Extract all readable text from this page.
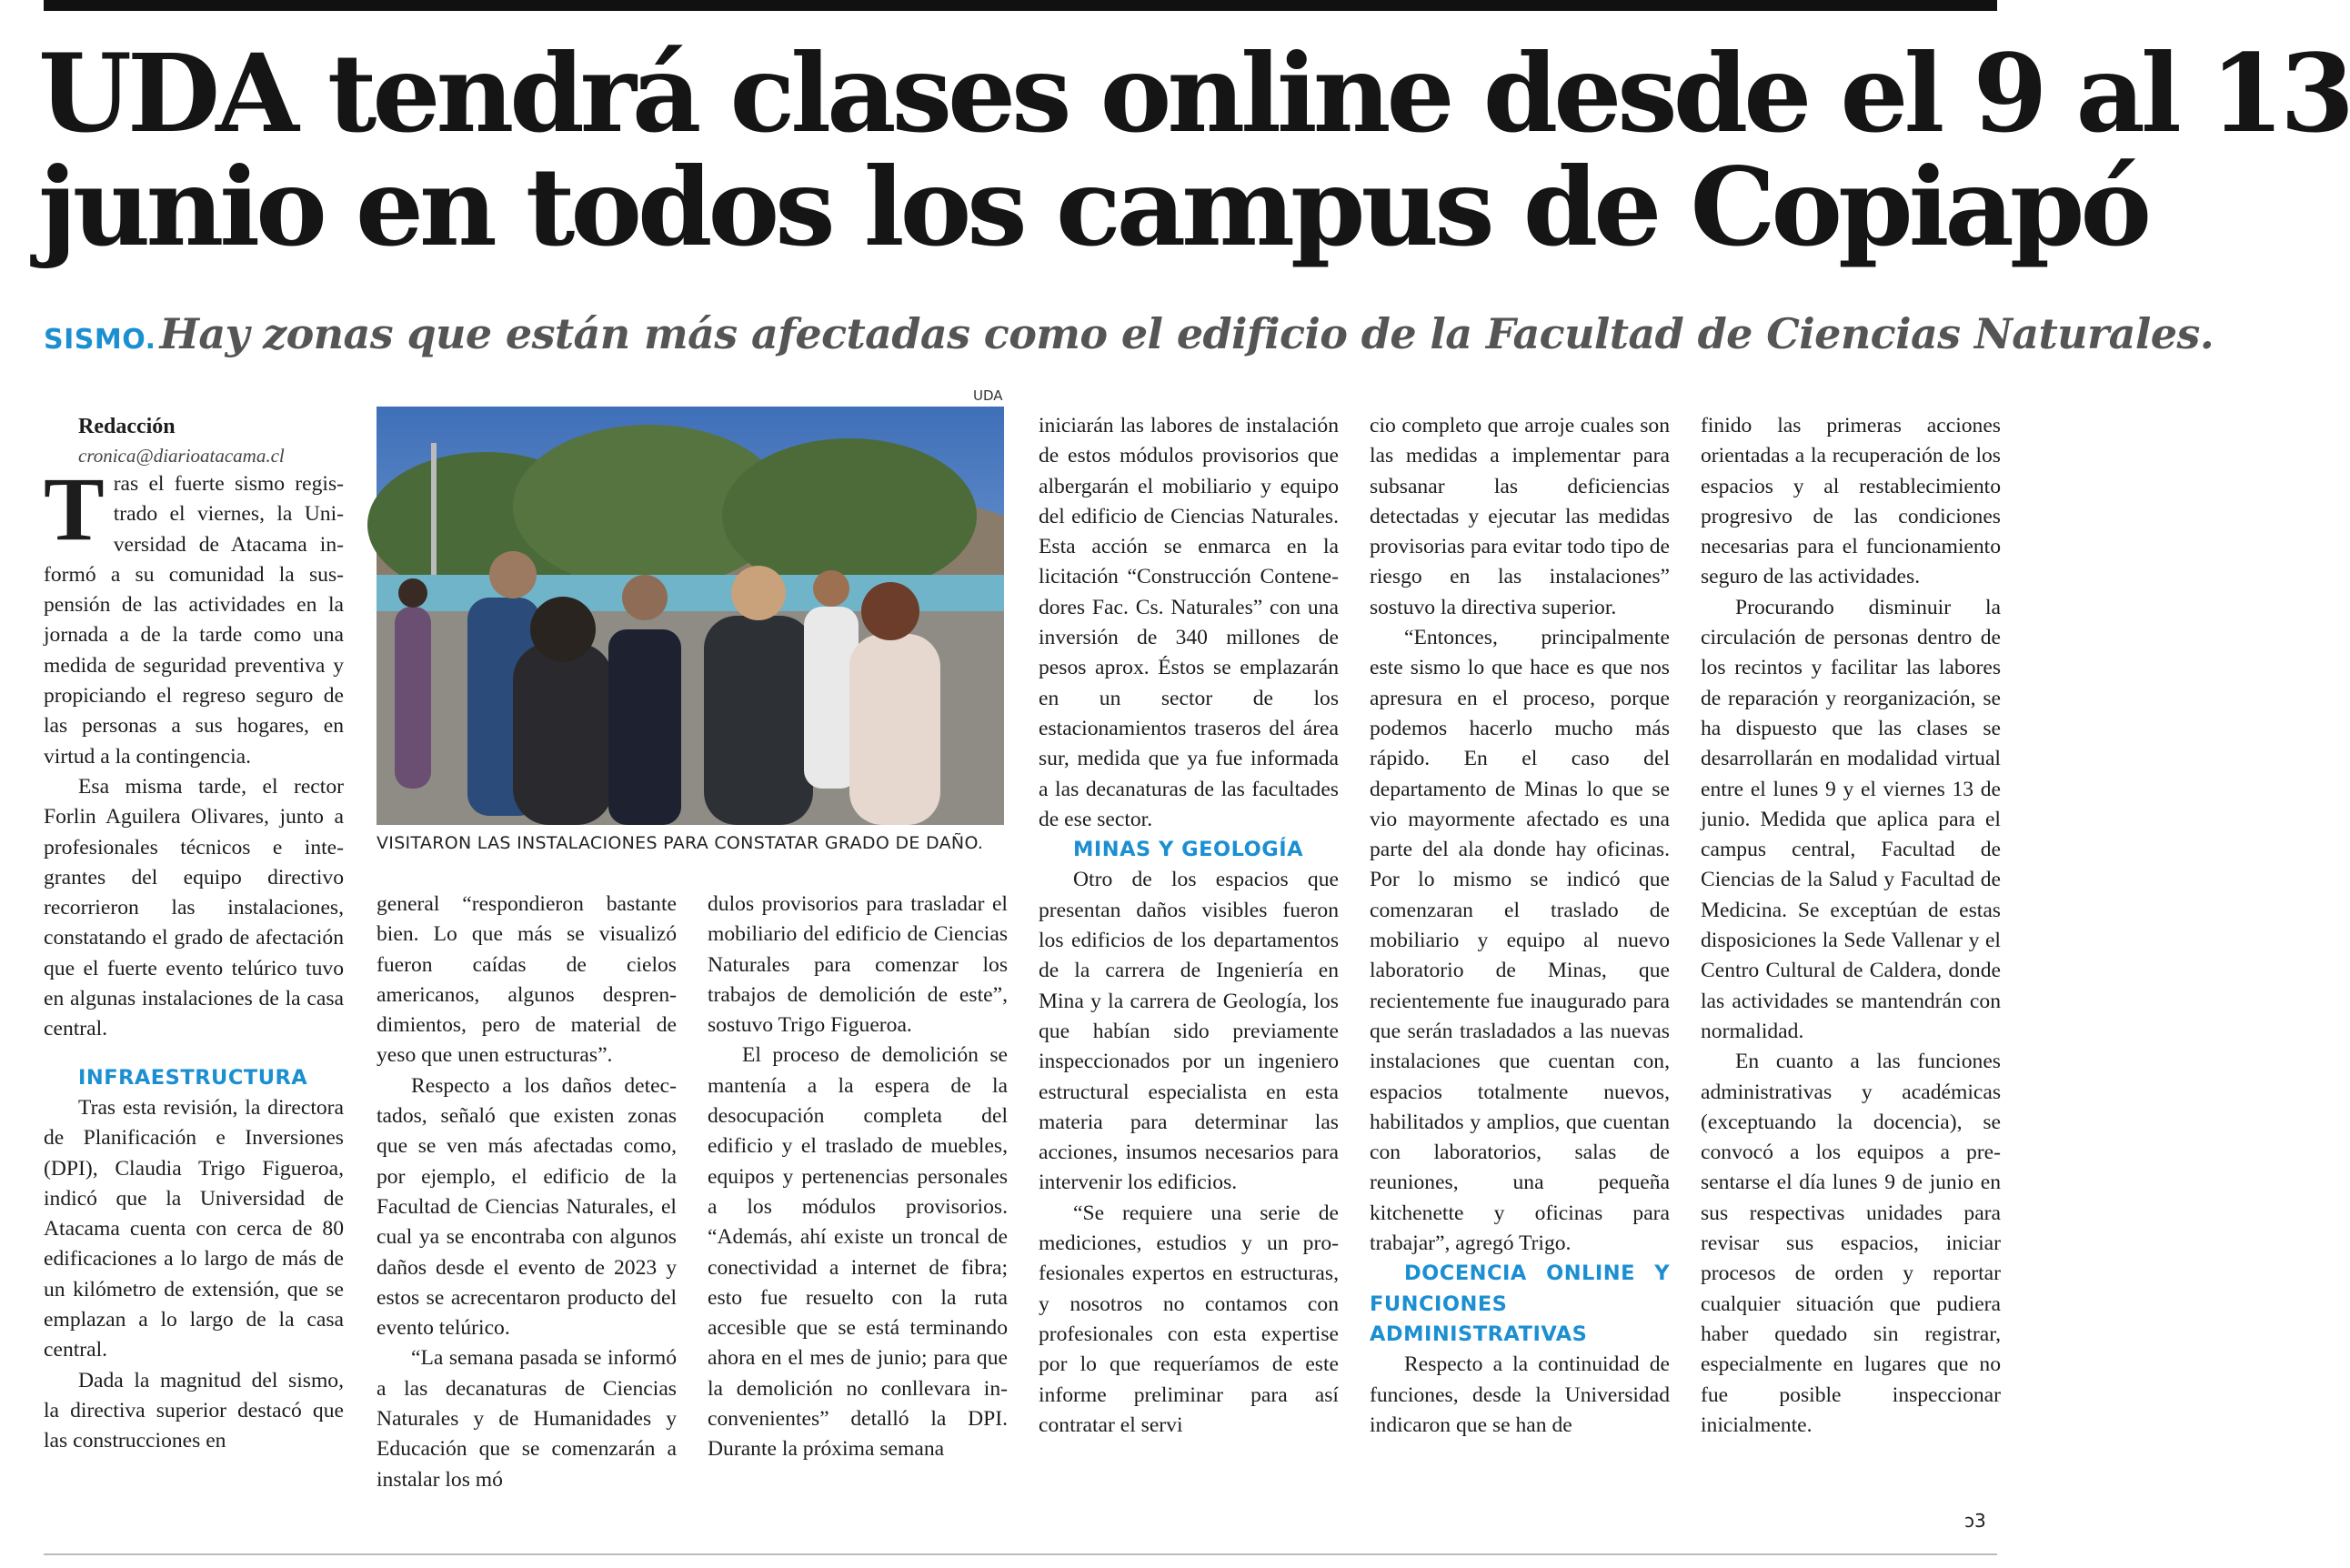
UDA tendrá clases online desde el 9 al 13
junio en todos los campus de Copiapó
SISMO. Hay zonas que están más afectadas como el edificio de la Facultad de Ciencias Naturales.

Redacción

cronica@diarioatacama.cl

Tras el fuerte sismo registrado el viernes, la Universidad de Atacama informó a su comunidad la suspensión de las actividades en la jornada a de la tarde como una medida de seguridad preventiva y propiciando el regreso seguro de las personas a sus hogares, en virtud a la contingencia.

Esa misma tarde, el rector Forlin Aguilera Olivares, junto a profesionales técnicos e integrantes del equipo directivo recorrieron las instalaciones, constatando el grado de afectación que el fuerte evento telúrico tuvo en algunas instalaciones de la casa central.

INFRAESTRUCTURA

Tras esta revisión, la directora de Planificación e Inversiones (DPI), Claudia Trigo Figueroa, indicó que la Universidad de Atacama cuenta con cerca de 80 edificaciones a lo largo de más de un kilómetro de extensión, que se emplazan a lo largo de la casa central.

Dada la magnitud del sismo, la directiva superior destacó que las construcciones en

UDA
VISITARON LAS INSTALACIONES PARA CONSTATAR GRADO DE DAÑO.

general “respondieron bastante bien. Lo que más se visualizó fueron caídas de cielos americanos, algunos desprendimientos, pero de material de yeso que unen estructuras”.

Respecto a los daños detectados, señaló que existen zonas que se ven más afectadas como, por ejemplo, el edificio de la Facultad de Ciencias Naturales, el cual ya se encontraba con algunos daños desde el evento de 2023 y estos se acrecentaron producto del evento telúrico.

“La semana pasada se informó a las decanaturas de Ciencias Naturales y de Humanidades y Educación que se comenzarán a instalar los mó

dulos provisorios para trasladar el mobiliario del edificio de Ciencias Naturales para comenzar los trabajos de demolición de este”, sostuvo Trigo Figueroa.

El proceso de demolición se mantenía a la espera de la desocupación completa del edificio y el traslado de muebles, equipos y pertenencias personales a los módulos provisorios. “Además, ahí existe un troncal de conectividad a internet de fibra; esto fue resuelto con la ruta accesible que se está terminando ahora en el mes de junio; para que la demolición no conllevara inconvenientes” detalló la DPI. Durante la próxima semana

iniciarán las labores de instalación de estos módulos provisorios que albergarán el mobiliario y equipo del edificio de Ciencias Naturales. Esta acción se enmarca en la licitación “Construcción Contenedores Fac. Cs. Naturales” con una inversión de 340 millones de pesos aprox. Éstos se emplazarán en un sector de los estacionamientos traseros del área sur, medida que ya fue informada a las decanaturas de las facultades de ese sector.

MINAS Y GEOLOGÍA

Otro de los espacios que presentan daños visibles fueron los edificios de los departamentos de la carrera de Ingeniería en Mina y la carrera de Geología, los que habían sido previamente inspeccionados por un ingeniero estructural especialista en esta materia para determinar las acciones, insumos necesarios para intervenir los edificios.

“Se requiere una serie de mediciones, estudios y un profesionales expertos en estructuras, y nosotros no contamos con profesionales con esta expertise por lo que requeríamos de este informe preliminar para así contratar el servi

cio completo que arroje cuales son las medidas a implementar para subsanar las deficiencias detectadas y ejecutar las medidas provisorias para evitar todo tipo de riesgo en las instalaciones” sostuvo la directiva superior.

“Entonces, principalmente este sismo lo que hace es que nos apresura en el proceso, porque podemos hacerlo mucho más rápido. En el caso del departamento de Minas lo que se vio mayormente afectado es una parte del ala donde hay oficinas. Por lo mismo se indicó que comenzaran el traslado de mobiliario y equipo al nuevo laboratorio de Minas, que recientemente fue inaugurado para que serán trasladados a las nuevas instalaciones que cuentan con, espacios totalmente nuevos, habilitados y amplios, que cuentan con laboratorios, salas de reuniones, una pequeña kitchenette y oficinas para trabajar”, agregó Trigo.

DOCENCIA ONLINE Y FUNCIONES ADMINISTRATIVAS

Respecto a la continuidad de funciones, desde la Universidad indicaron que se han de

finido las primeras acciones orientadas a la recuperación de los espacios y al restablecimiento progresivo de las condiciones necesarias para el funcionamiento seguro de las actividades.

Procurando disminuir la circulación de personas dentro de los recintos y facilitar las labores de reparación y reorganización, se ha dispuesto que las clases se desarrollarán en modalidad virtual entre el lunes 9 y el viernes 13 de junio. Medida que aplica para el campus central, Facultad de Ciencias de la Salud y Facultad de Medicina. Se exceptúan de estas disposiciones la Sede Vallenar y el Centro Cultural de Caldera, donde las actividades se mantendrán con normalidad.

En cuanto a las funciones administrativas y académicas (exceptuando la docencia), se convocó a los equipos a presentarse el día lunes 9 de junio en sus respectivas unidades para revisar sus espacios, iniciar procesos de orden y reportar cualquier situación que pudiera haber quedado sin registrar, especialmente en lugares que no fue posible inspeccionar inicialmente.

ↄ3
